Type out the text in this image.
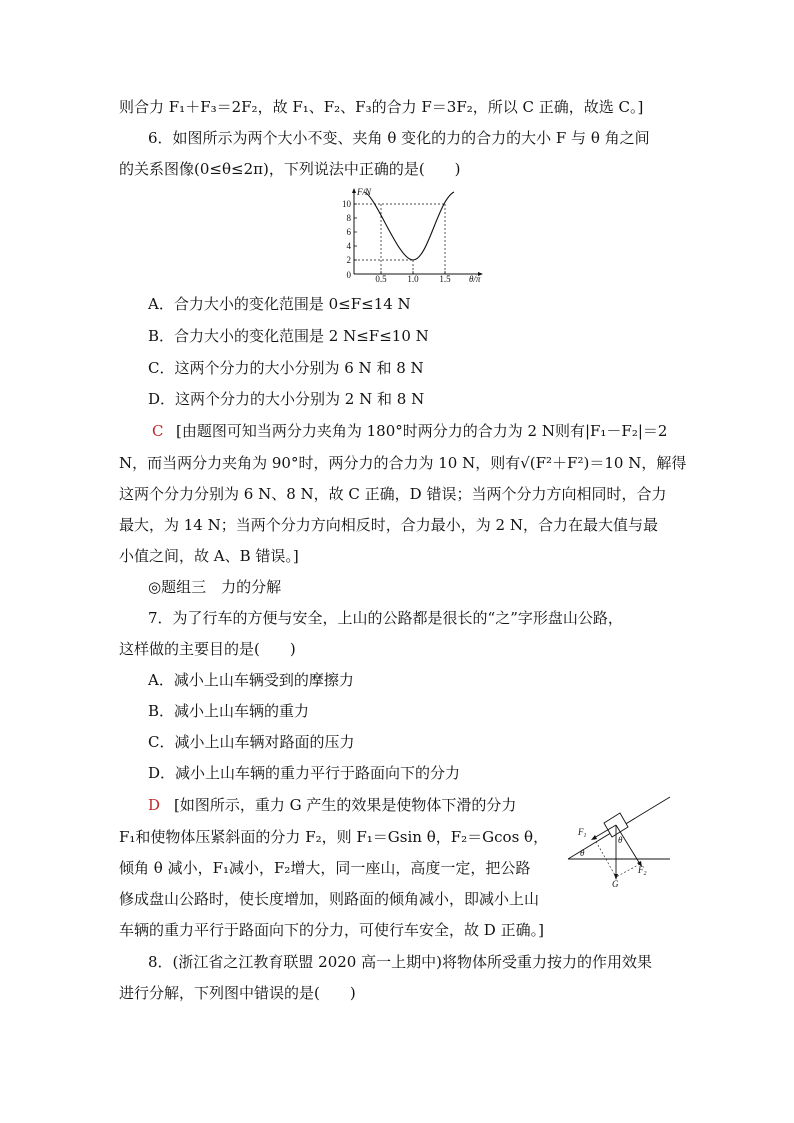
则合力 F₁＋F₃＝2F₂，故 F₁、F₂、F₃的合力 F＝3F₂，所以 C 正确，故选 C。]
6．如图所示为两个大小不变、夹角 θ 变化的力的合力的大小 F 与 θ 角之间
的关系图像(0≤θ≤2π)，下列说法中正确的是(　　)
10
8
6
4
2
0
F/N
0.5 1.0 1.5 θ/π
A．合力大小的变化范围是 0≤F≤14 N
B．合力大小的变化范围是 2 N≤F≤10 N
C．这两个分力的大小分别为 6 N 和 8 N
D．这两个分力的大小分别为 2 N 和 8 N
C [由题图可知当两分力夹角为 180°时两分力的合力为 2 N则有|F₁－F₂|＝2
N，而当两分力夹角为 90°时，两分力的合力为 10 N，则有√(F²＋F²)＝10 N，解得
这两个分力分别为 6 N、8 N，故 C 正确，D 错误；当两个分力方向相同时，合力
最大，为 14 N；当两个分力方向相反时，合力最小，为 2 N，合力在最大值与最
小值之间，故 A、B 错误。]
◎题组三　力的分解
7．为了行车的方便与安全，上山的公路都是很长的“之”字形盘山公路，
这样做的主要目的是(　　)
A．减小上山车辆受到的摩擦力
B．减小上山车辆的重力
C．减小上山车辆对路面的压力
D．减小上山车辆的重力平行于路面向下的分力
D [如图所示，重力 G 产生的效果是使物体下滑的分力
F₁和使物体压紧斜面的分力 F₂，则 F₁＝Gsin θ，F₂＝Gcos θ，
倾角 θ 减小，F₁减小，F₂增大，同一座山，高度一定，把公路
修成盘山公路时，使长度增加，则路面的倾角减小，即减小上山
车辆的重力平行于路面向下的分力，可使行车安全，故 D 正确。]
$F_1$
$F_2$
G
θ
θ
8．(浙江省之江教育联盟 2020 高一上期中)将物体所受重力按力的作用效果
进行分解，下列图中错误的是(　　)
